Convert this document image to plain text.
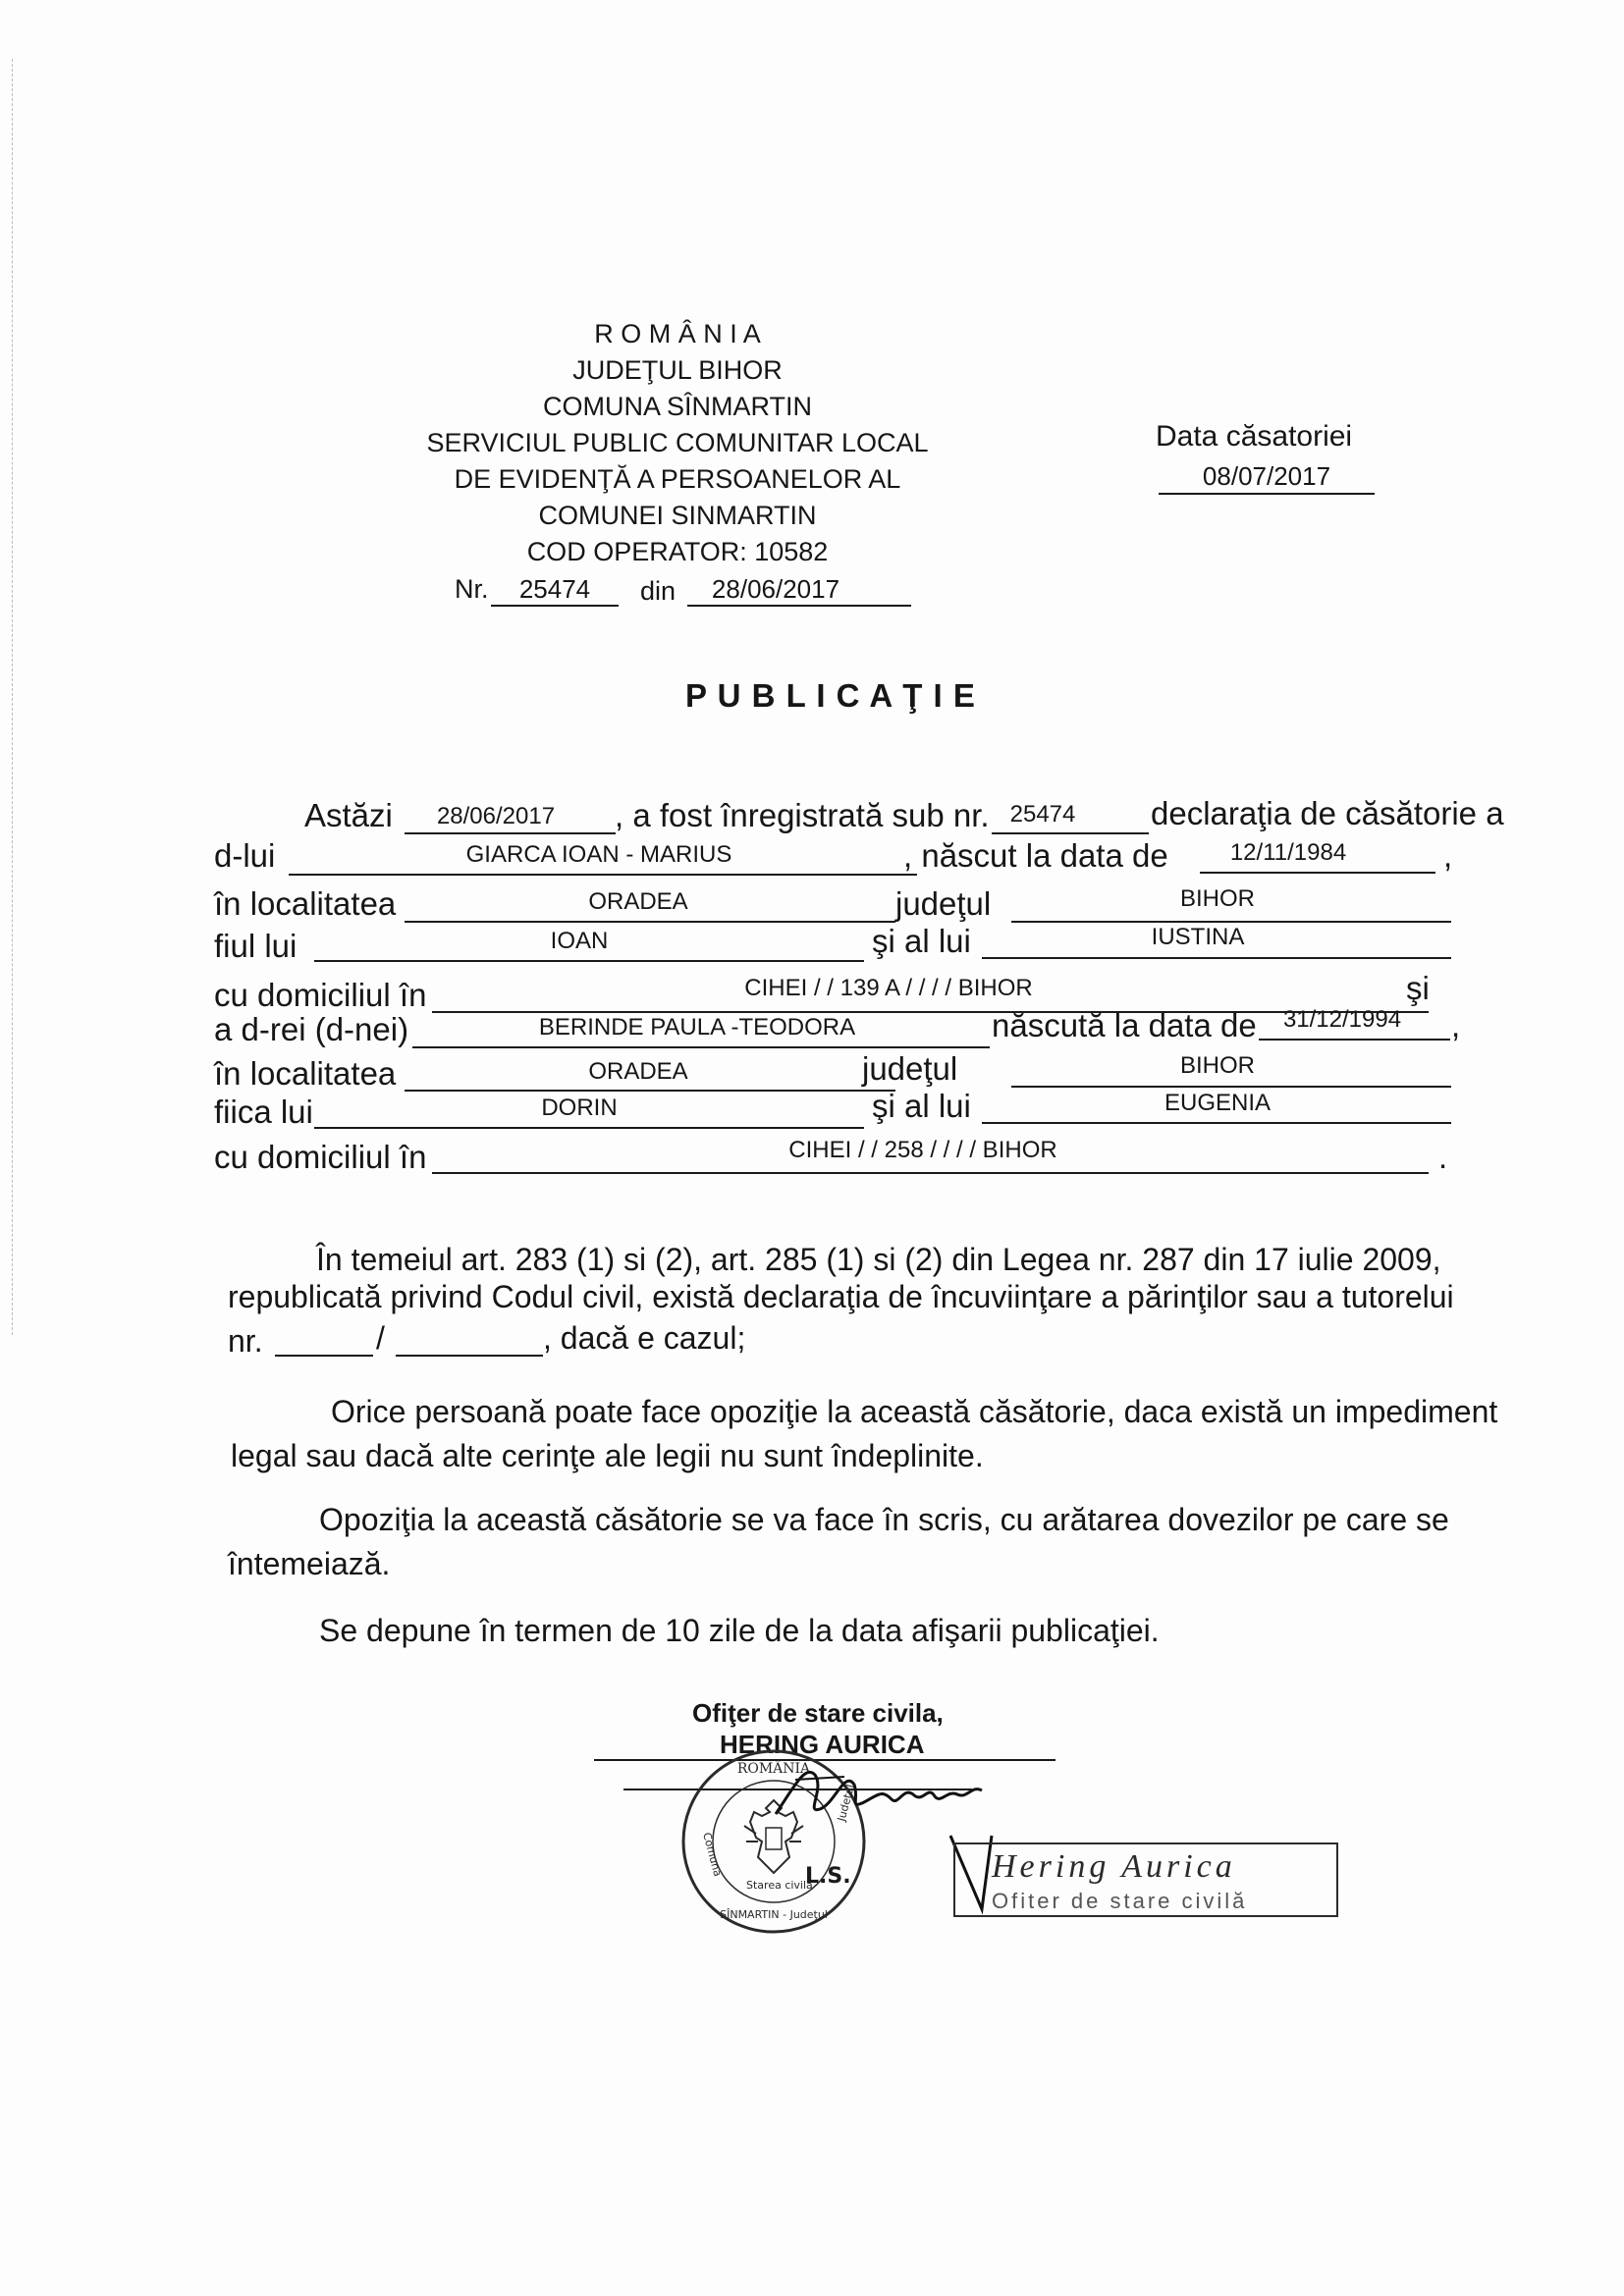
R O M Â N I A
JUDEŢUL BIHOR
COMUNA SÎNMARTIN
SERVICIUL PUBLIC COMUNITAR LOCAL
DE EVIDENŢĂ A PERSOANELOR AL
COMUNEI SINMARTIN
COD OPERATOR: 10582
Nr.	25474	din	28/06/2017
Data căsatoriei
08/07/2017
P U B L I C A Ţ I E
Astăzi	28/06/2017	, a fost înregistrată sub nr. 25474	declaraţia de căsătorie a
d-lui	GIARCA IOAN - MARIUS	, născut la data de	12/11/1984	,
în localitatea	ORADEA	judeţul	BIHOR
fiul lui	IOAN	şi al lui	IUSTINA
cu domiciliul în	CIHEI / / 139 A / / / / BIHOR	şi
a d-rei (d-nei)	BERINDE PAULA -TEODORA	născută la data de	31/12/1994	,
în localitatea	ORADEA	judeţul	BIHOR
fiica lui	DORIN	şi al lui	EUGENIA
cu domiciliul în	CIHEI / / 258 / / / / BIHOR	.
În temeiul art. 283 (1) si (2), art. 285 (1) si (2) din Legea nr. 287 din 17 iulie 2009,
republicată privind Codul civil, există declaraţia de încuviinţare a părinţilor sau a tutorelui
nr.	/	, dacă e cazul;
Orice persoană poate face opoziţie la această căsătorie, daca există un impediment
legal sau dacă alte cerinţe ale legii nu sunt îndeplinite.
Opoziţia la această căsătorie se va face în scris, cu arătarea dovezilor pe care se
întemeiază.
Se depune în termen de 10 zile de la data afişarii publicaţiei.
Ofiţer de stare civila,
HERING AURICA
ROMÂNIA
Comuna
Judeţul
SÎNMARTIN - Judeţul
Starea civilă
L.S.	Hering Aurica
Ofiter de stare civilă
